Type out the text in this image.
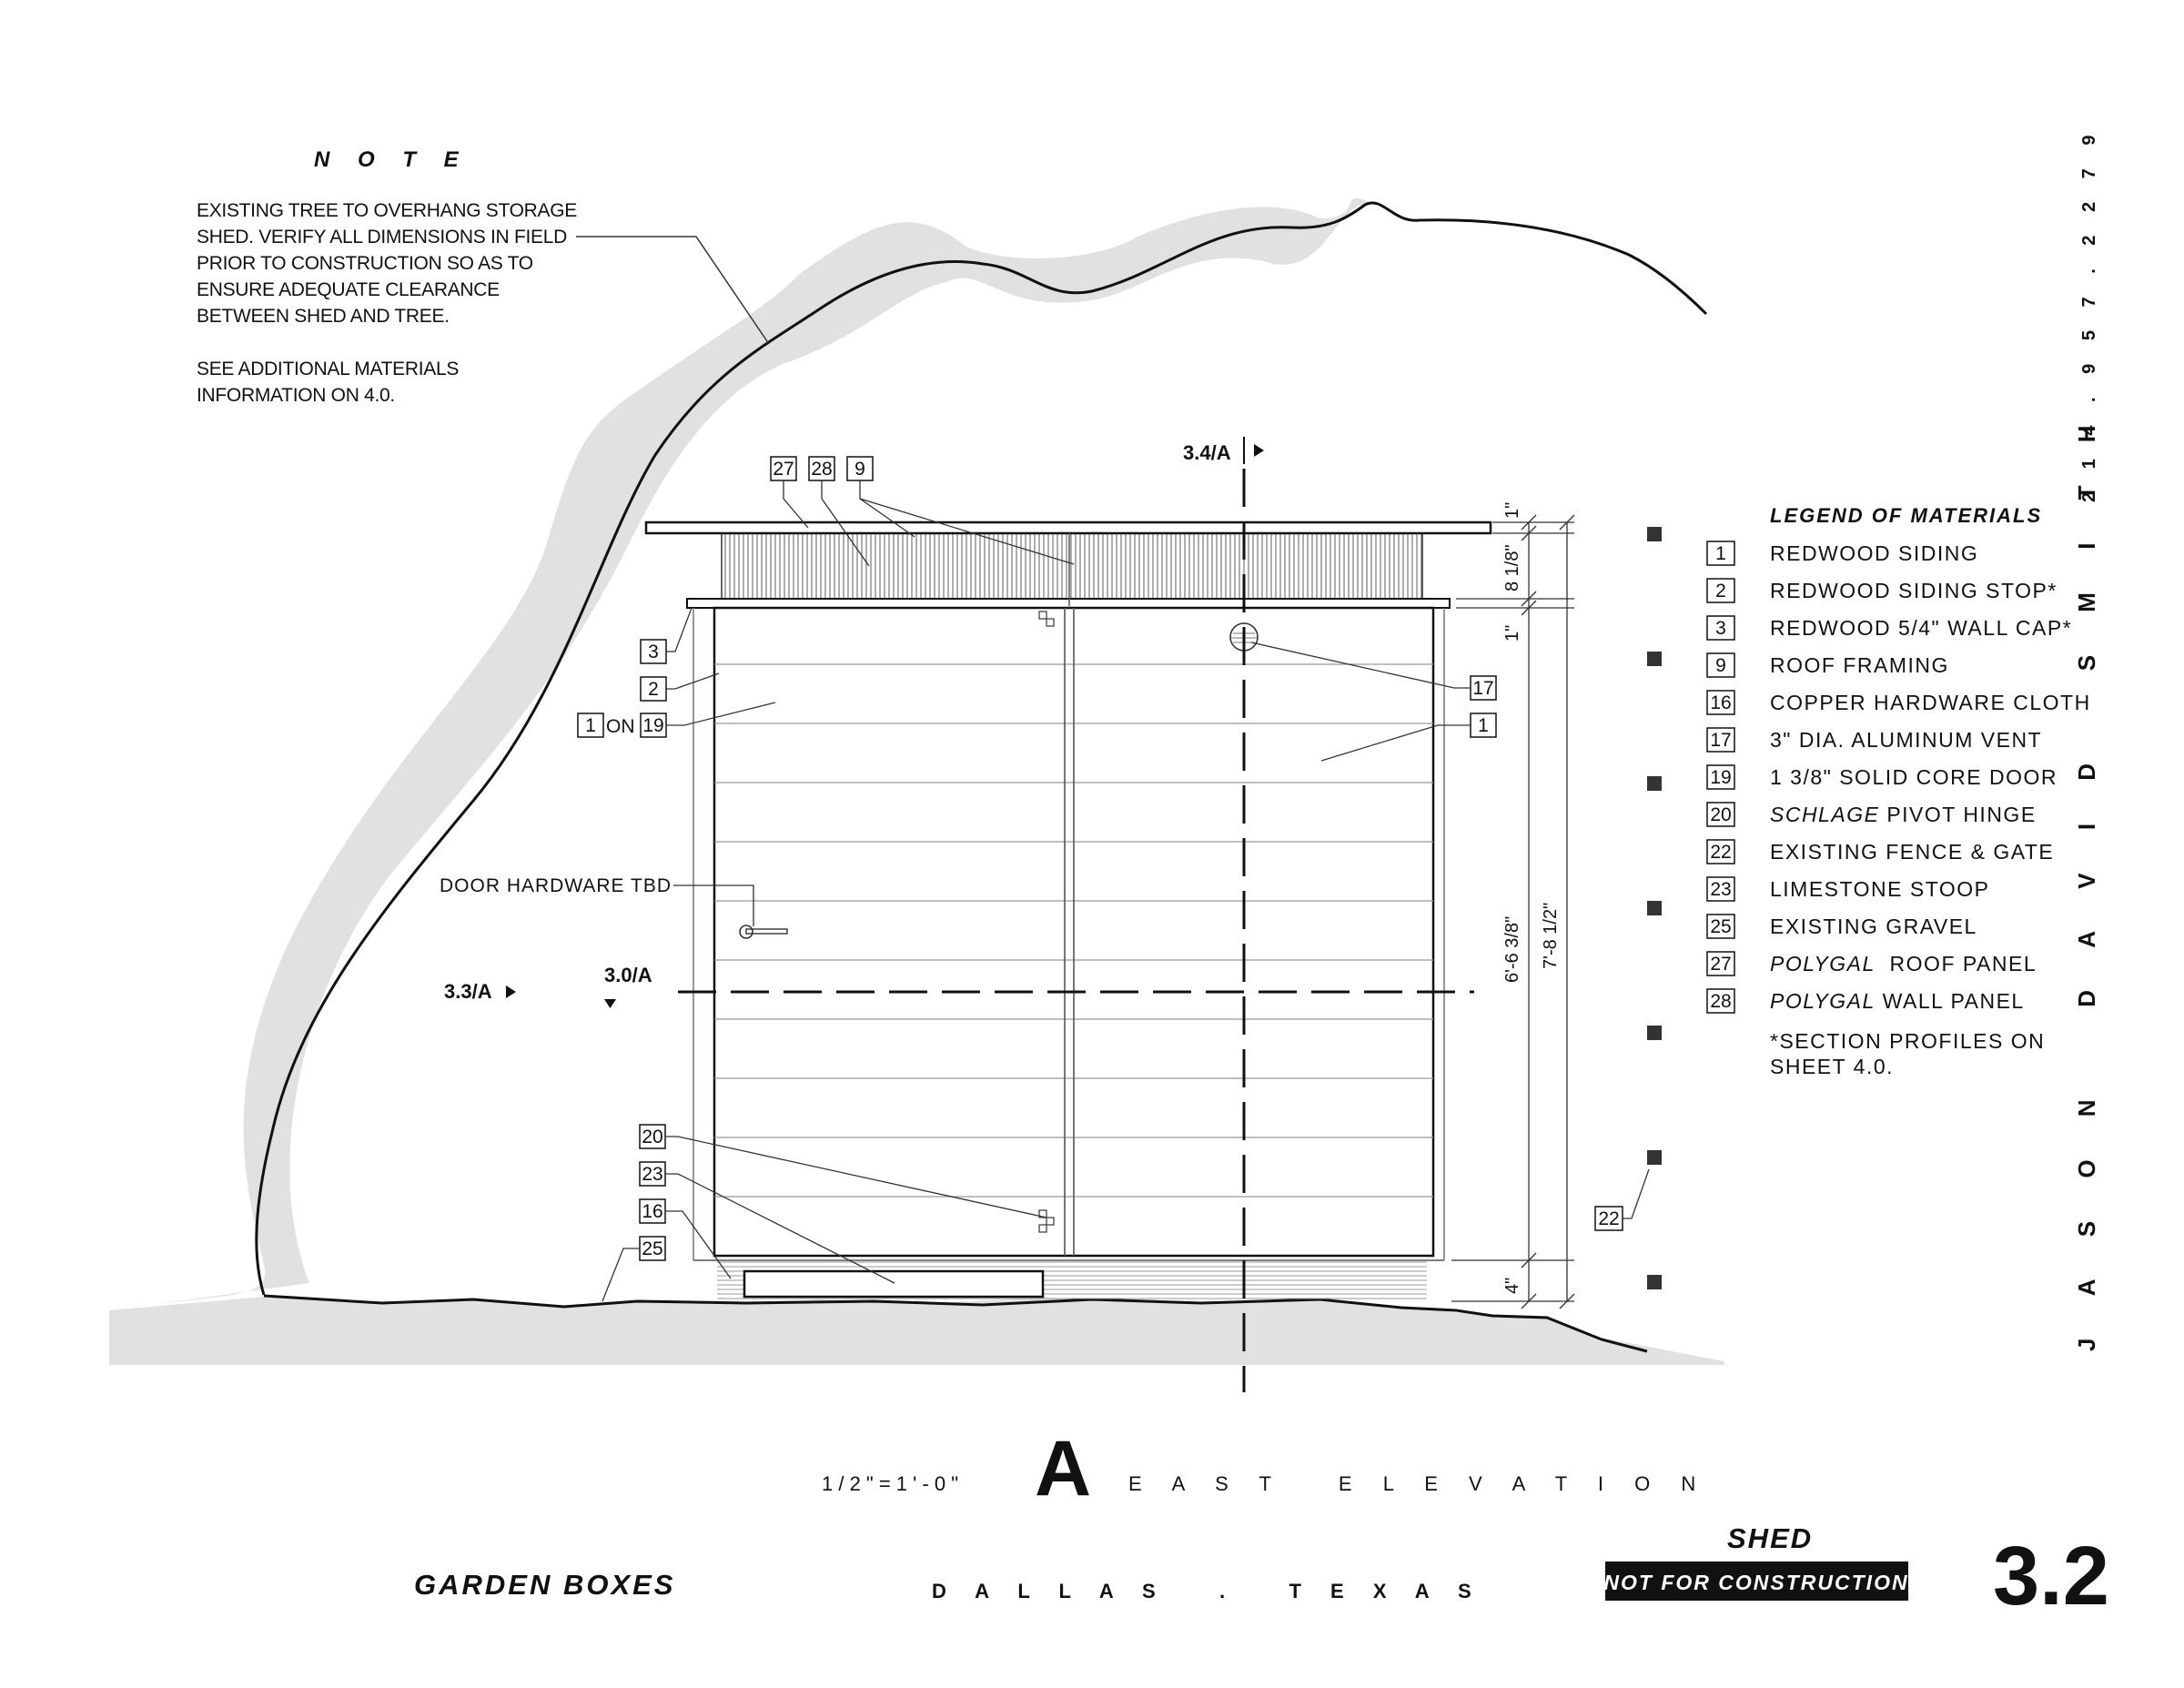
3.4/A
3.3/A
3.0/A
N O T E
EXISTING TREE TO OVERHANG STORAGE
SHED. VERIFY ALL DIMENSIONS IN FIELD
PRIOR TO CONSTRUCTION SO AS TO
ENSURE ADEQUATE CLEARANCE
BETWEEN SHED AND TREE.
SEE ADDITIONAL MATERIALS
INFORMATION ON 4.0.
27 28 9
3
2
1 ON 19
17
1
DOOR HARDWARE TBD
20
23
16
25
22
1"
8 1/8"
1"
6'-6 3/8" 7'-8 1/2"
4"
LEGEND OF MATERIALS
1 REDWOOD SIDING
2 REDWOOD SIDING STOP*
3 REDWOOD 5/4" WALL CAP*
9 ROOF FRAMING
16 COPPER HARDWARE CLOTH
17 3" DIA. ALUMINUM VENT
19 1 3/8" SOLID CORE DOOR
20 SCHLAGE PIVOT HINGE
22 EXISTING FENCE & GATE
23 LIMESTONE STOOP
25 EXISTING GRAVEL
27 POLYGAL  ROOF PANEL
28 POLYGAL WALL PANEL
*SECTION PROFILES ON
SHEET 4.0.
2 1 4 . 9 5 7 . 2 2 7 9
J A S O N   D A V I D   S M I T H
1 / 2 " = 1 ' - 0 " A E A S T   E L E V A T I O N
GARDEN BOXES	D A L L A S   .   T E X A S
SHED
NOT FOR CONSTRUCTION 3.2
